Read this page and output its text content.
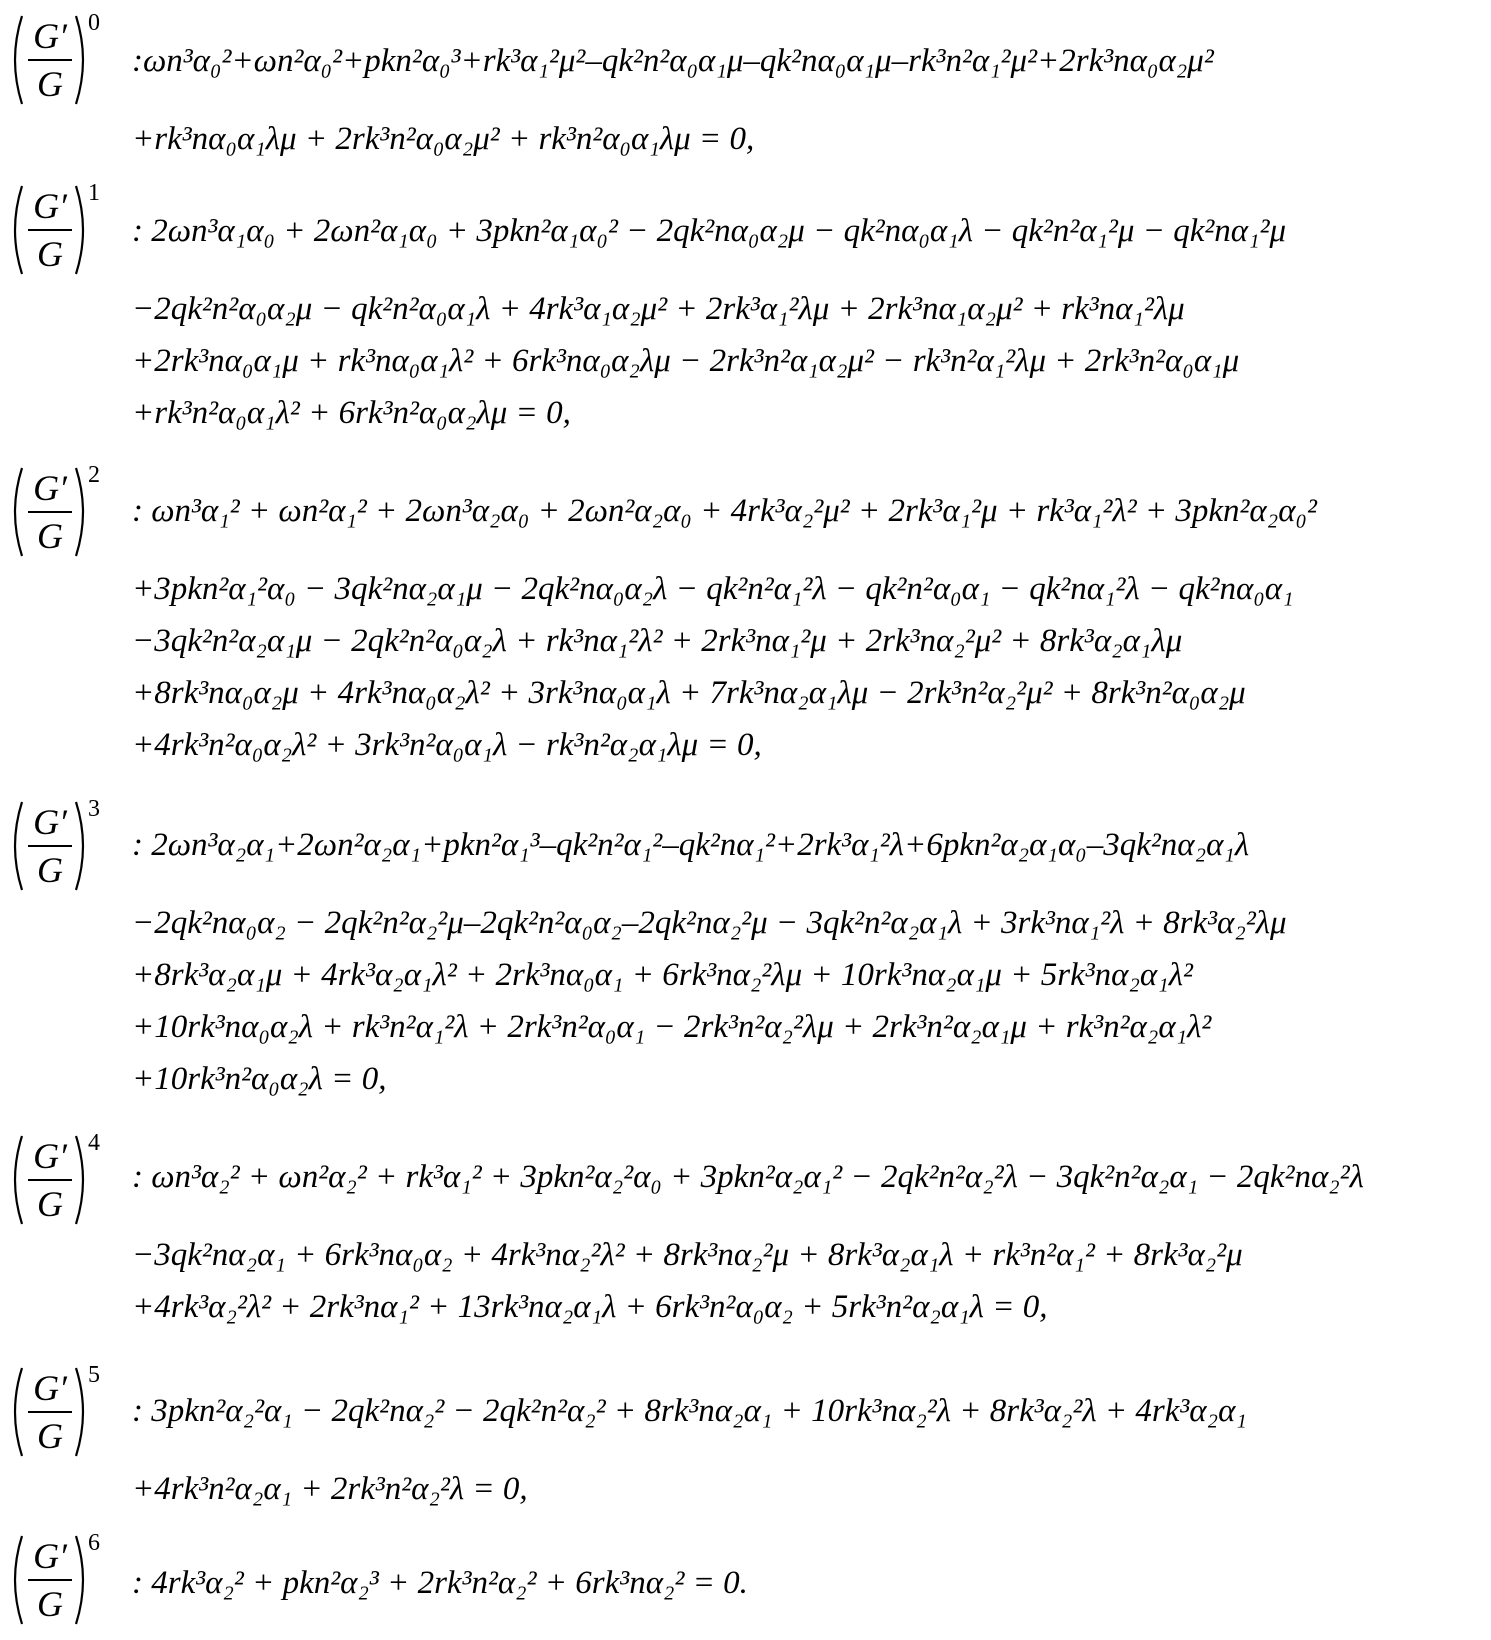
G′
G
0
:ωn³α₀²+ωn²α₀²+pkn²α₀³+rk³α₁²μ²–qk²n²α₀α₁μ–qk²nα₀α₁μ–rk³n²α₁²μ²+2rk³nα₀α₂μ²
+rk³nα₀α₁λμ + 2rk³n²α₀α₂μ² + rk³n²α₀α₁λμ = 0,
G′
G
1
: 2ωn³α₁α₀ + 2ωn²α₁α₀ + 3pkn²α₁α₀² − 2qk²nα₀α₂μ − qk²nα₀α₁λ − qk²n²α₁²μ − qk²nα₁²μ
−2qk²n²α₀α₂μ − qk²n²α₀α₁λ + 4rk³α₁α₂μ² + 2rk³α₁²λμ + 2rk³nα₁α₂μ² + rk³nα₁²λμ
+2rk³nα₀α₁μ + rk³nα₀α₁λ² + 6rk³nα₀α₂λμ − 2rk³n²α₁α₂μ² − rk³n²α₁²λμ + 2rk³n²α₀α₁μ
+rk³n²α₀α₁λ² + 6rk³n²α₀α₂λμ = 0,
G′
G
2
: ωn³α₁² + ωn²α₁² + 2ωn³α₂α₀ + 2ωn²α₂α₀ + 4rk³α₂²μ² + 2rk³α₁²μ + rk³α₁²λ² + 3pkn²α₂α₀²
+3pkn²α₁²α₀ − 3qk²nα₂α₁μ − 2qk²nα₀α₂λ − qk²n²α₁²λ − qk²n²α₀α₁ − qk²nα₁²λ − qk²nα₀α₁
−3qk²n²α₂α₁μ − 2qk²n²α₀α₂λ + rk³nα₁²λ² + 2rk³nα₁²μ + 2rk³nα₂²μ² + 8rk³α₂α₁λμ
+8rk³nα₀α₂μ + 4rk³nα₀α₂λ² + 3rk³nα₀α₁λ + 7rk³nα₂α₁λμ − 2rk³n²α₂²μ² + 8rk³n²α₀α₂μ
+4rk³n²α₀α₂λ² + 3rk³n²α₀α₁λ − rk³n²α₂α₁λμ = 0,
G′
G
3
: 2ωn³α₂α₁+2ωn²α₂α₁+pkn²α₁³–qk²n²α₁²–qk²nα₁²+2rk³α₁²λ+6pkn²α₂α₁α₀–3qk²nα₂α₁λ
−2qk²nα₀α₂ − 2qk²n²α₂²μ–2qk²n²α₀α₂–2qk²nα₂²μ − 3qk²n²α₂α₁λ + 3rk³nα₁²λ + 8rk³α₂²λμ
+8rk³α₂α₁μ + 4rk³α₂α₁λ² + 2rk³nα₀α₁ + 6rk³nα₂²λμ + 10rk³nα₂α₁μ + 5rk³nα₂α₁λ²
+10rk³nα₀α₂λ + rk³n²α₁²λ + 2rk³n²α₀α₁ − 2rk³n²α₂²λμ + 2rk³n²α₂α₁μ + rk³n²α₂α₁λ²
+10rk³n²α₀α₂λ = 0,
G′
G
4
: ωn³α₂² + ωn²α₂² + rk³α₁² + 3pkn²α₂²α₀ + 3pkn²α₂α₁² − 2qk²n²α₂²λ − 3qk²n²α₂α₁ − 2qk²nα₂²λ
−3qk²nα₂α₁ + 6rk³nα₀α₂ + 4rk³nα₂²λ² + 8rk³nα₂²μ + 8rk³α₂α₁λ + rk³n²α₁² + 8rk³α₂²μ
+4rk³α₂²λ² + 2rk³nα₁² + 13rk³nα₂α₁λ + 6rk³n²α₀α₂ + 5rk³n²α₂α₁λ = 0,
G′
G
5
: 3pkn²α₂²α₁ − 2qk²nα₂² − 2qk²n²α₂² + 8rk³nα₂α₁ + 10rk³nα₂²λ + 8rk³α₂²λ + 4rk³α₂α₁
+4rk³n²α₂α₁ + 2rk³n²α₂²λ = 0,
G′
G
6
: 4rk³α₂² + pkn²α₂³ + 2rk³n²α₂² + 6rk³nα₂² = 0.
